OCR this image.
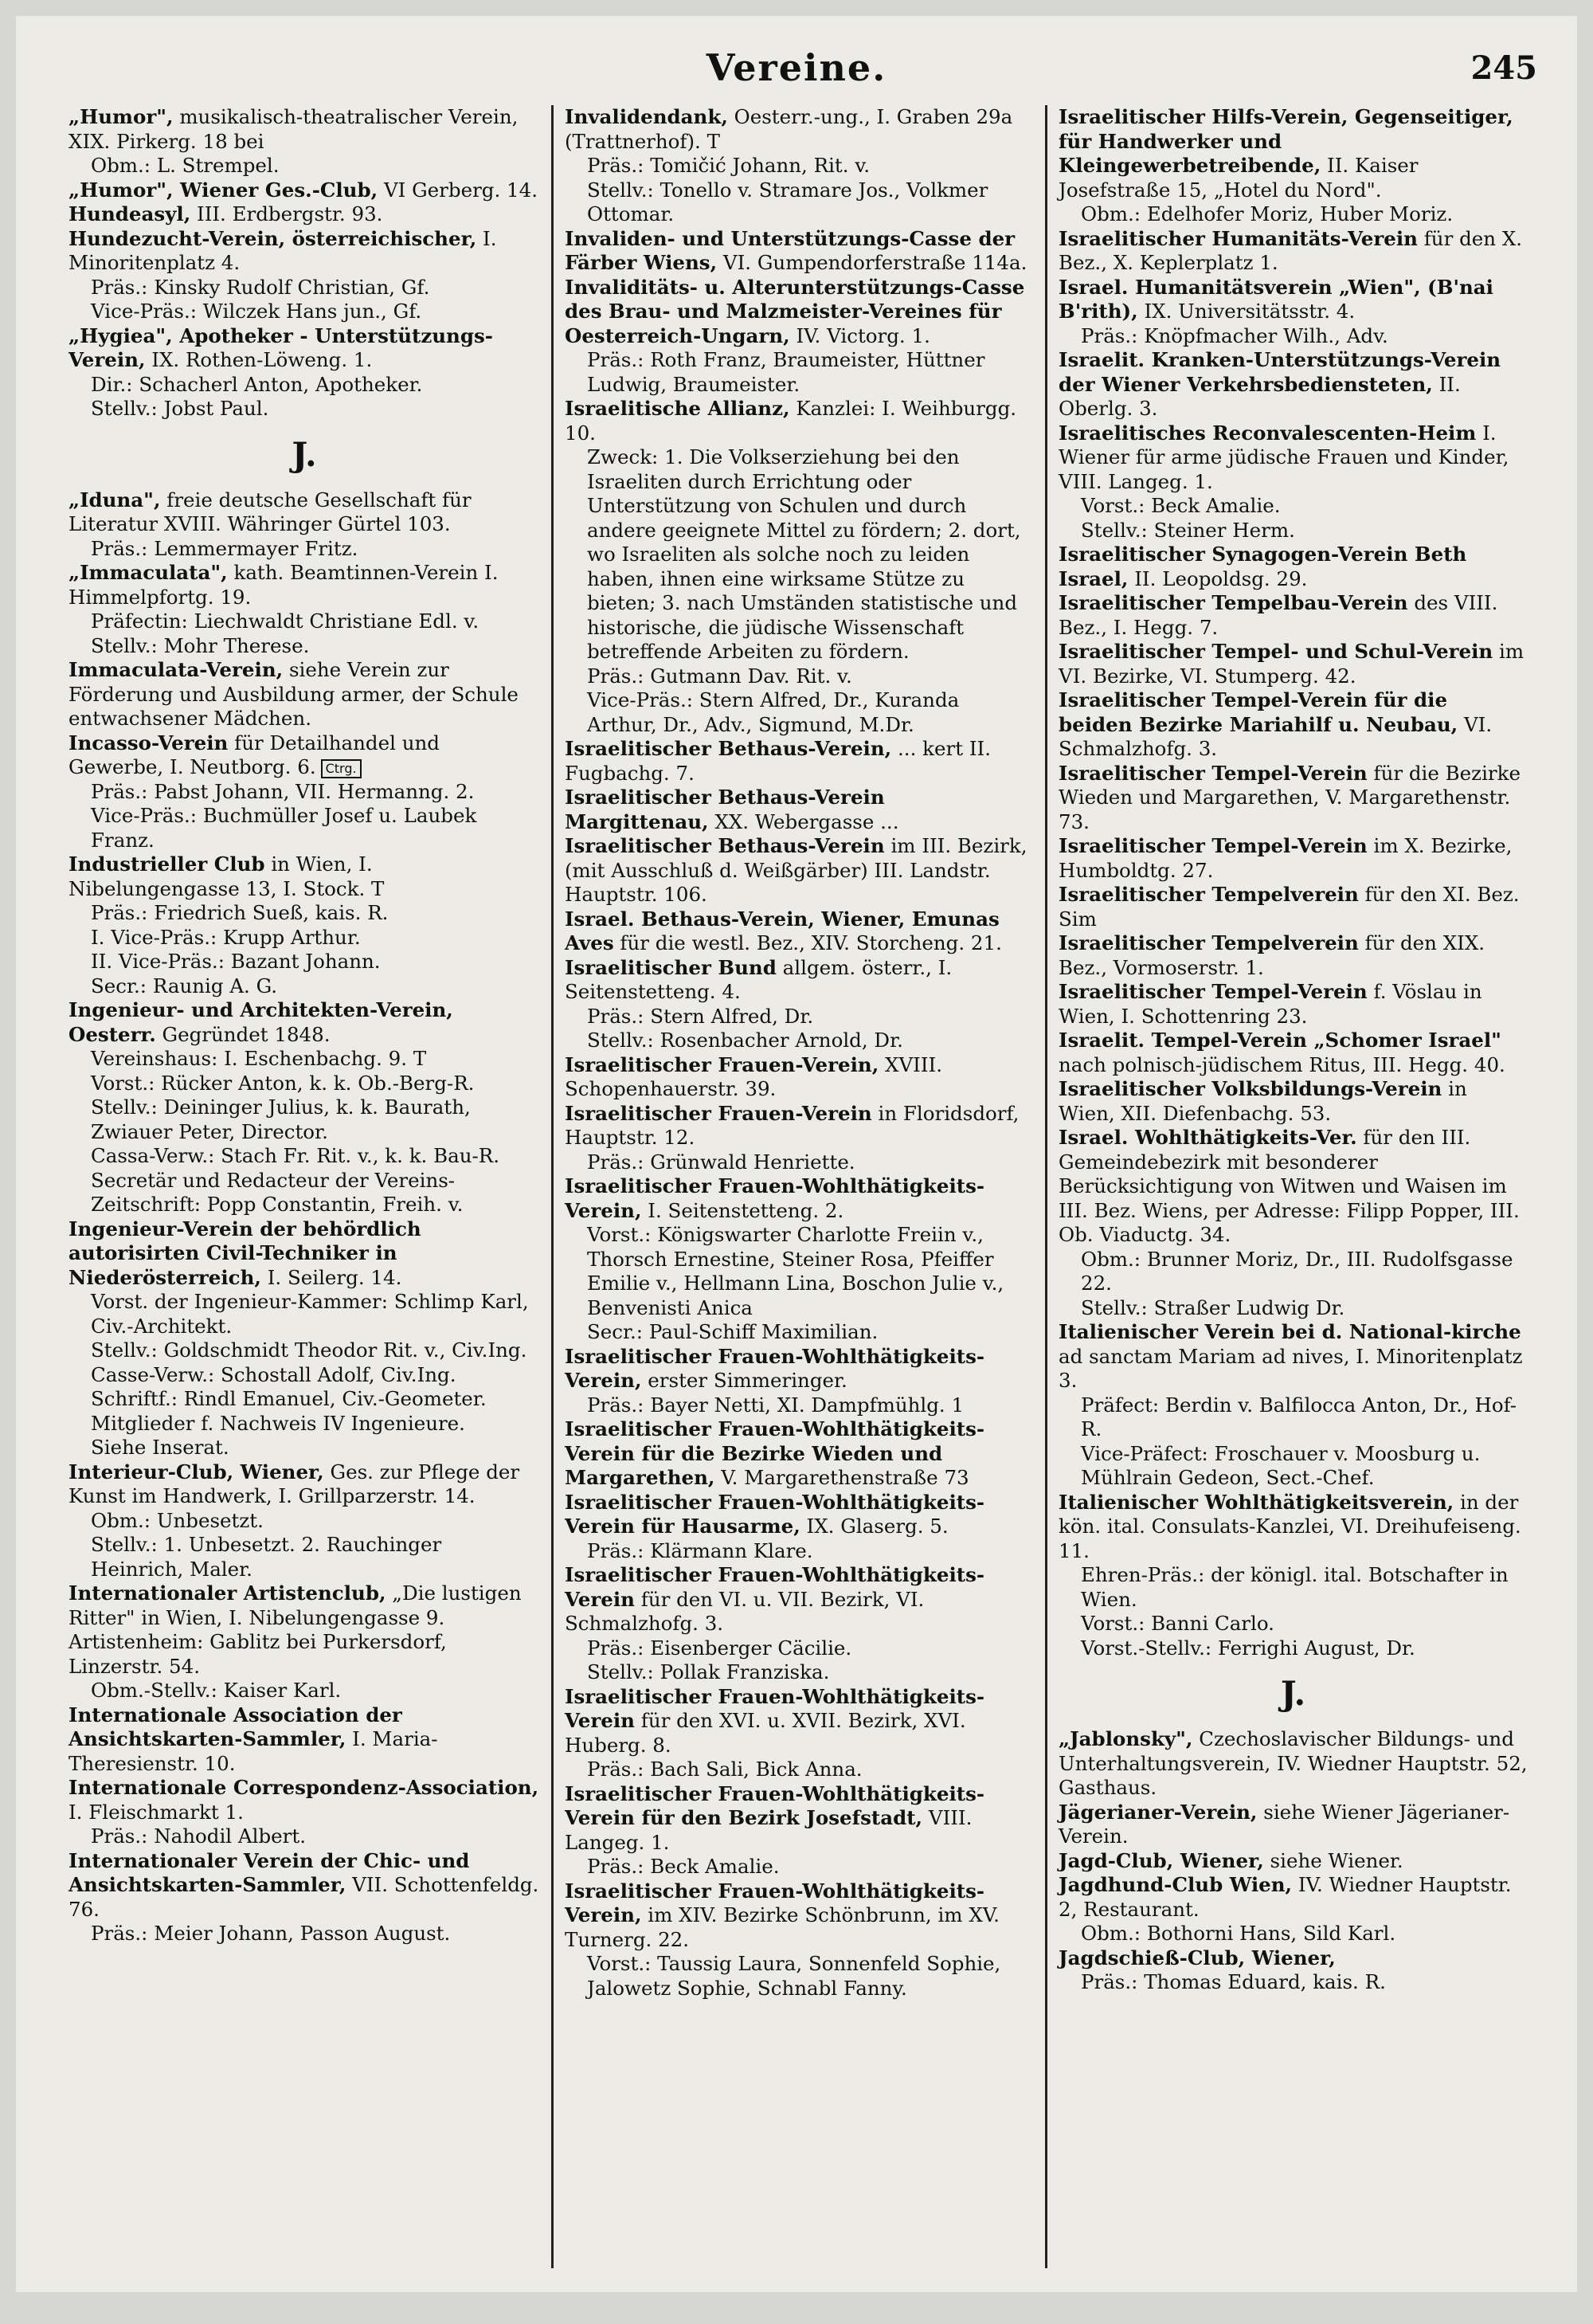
Vereine.	245
„Humor", musikalisch-theatralischer Verein, XIX. Pirkerg. 18 bei
Obm.: L. Strempel.
„Humor", Wiener Ges.-Club, VI Gerberg. 14.
Hundeasyl, III. Erdbergstr. 93.
Hundezucht-Verein, österreichischer, I. Minoritenplatz 4.
Präs.: Kinsky Rudolf Christian, Gf.
Vice-Präs.: Wilczek Hans jun., Gf.
„Hygiea", Apotheker - Unterstützungs-Verein, IX. Rothen-Löweng. 1.
Dir.: Schacherl Anton, Apotheker.
Stellv.: Jobst Paul.
J.
„Iduna", freie deutsche Gesellschaft für Literatur XVIII. Währinger Gürtel 103.
Präs.: Lemmermayer Fritz.
„Immaculata", kath. Beamtinnen-Verein I. Himmelpfortg. 19.
Präfectin: Liechwaldt Christiane Edl. v.
Stellv.: Mohr Therese.
Immaculata-Verein, siehe Verein zur Förderung und Ausbildung armer, der Schule entwachsener Mädchen.
Incasso-Verein für Detailhandel und Gewerbe, I. Neutborg. 6. Ctrg.
Präs.: Pabst Johann, VII. Hermanng. 2.
Vice-Präs.: Buchmüller Josef u. Laubek Franz.
Industrieller Club in Wien, I. Nibelungengasse 13, I. Stock. T
Präs.: Friedrich Sueß, kais. R.
I. Vice-Präs.: Krupp Arthur.
II. Vice-Präs.: Bazant Johann.
Secr.: Raunig A. G.
Ingenieur- und Architekten-Verein, Oesterr. Gegründet 1848.
Vereinshaus: I. Eschenbachg. 9. T
Vorst.: Rücker Anton, k. k. Ob.-Berg-R.
Stellv.: Deininger Julius, k. k. Baurath, Zwiauer Peter, Director.
Cassa-Verw.: Stach Fr. Rit. v., k. k. Bau-R.
Secretär und Redacteur der Vereins-Zeitschrift: Popp Constantin, Freih. v.
Ingenieur-Verein der behördlich autorisirten Civil-Techniker in Niederösterreich, I. Seilerg. 14.
Vorst. der Ingenieur-Kammer: Schlimp Karl, Civ.-Architekt.
Stellv.: Goldschmidt Theodor Rit. v., Civ.Ing.
Casse-Verw.: Schostall Adolf, Civ.Ing.
Schriftf.: Rindl Emanuel, Civ.-Geometer.
Mitglieder f. Nachweis IV Ingenieure.
Siehe Inserat.
Interieur-Club, Wiener, Ges. zur Pflege der Kunst im Handwerk, I. Grillparzerstr. 14.
Obm.: Unbesetzt.
Stellv.: 1. Unbesetzt. 2. Rauchinger Heinrich, Maler.
Internationaler Artistenclub, „Die lustigen Ritter" in Wien, I. Nibelungengasse 9. Artistenheim: Gablitz bei Purkersdorf, Linzerstr. 54.
Obm.-Stellv.: Kaiser Karl.
Internationale Association der Ansichtskarten-Sammler, I. Maria-Theresienstr. 10.
Internationale Correspondenz-Association, I. Fleischmarkt 1.
Präs.: Nahodil Albert.
Internationaler Verein der Chic- und Ansichtskarten-Sammler, VII. Schottenfeldg. 76.
Präs.: Meier Johann, Passon August.
Invalidendank, Oesterr.-ung., I. Graben 29a (Trattnerhof). T
Präs.: Tomičić Johann, Rit. v.
Stellv.: Tonello v. Stramare Jos., Volkmer Ottomar.
Invaliden- und Unterstützungs-Casse der Färber Wiens, VI. Gumpendorferstraße 114a.
Invaliditäts- u. Alterunterstützungs-Casse des Brau- und Malzmeister-Vereines für Oesterreich-Ungarn, IV. Victorg. 1.
Präs.: Roth Franz, Braumeister, Hüttner Ludwig, Braumeister.
Israelitische Allianz, Kanzlei: I. Weihburgg. 10.
Zweck: 1. Die Volkserziehung bei den Israeliten durch Errichtung oder Unterstützung von Schulen und durch andere geeignete Mittel zu fördern; 2. dort, wo Israeliten als solche noch zu leiden haben, ihnen eine wirksame Stütze zu bieten; 3. nach Umständen statistische und historische, die jüdische Wissenschaft betreffende Arbeiten zu fördern.
Präs.: Gutmann Dav. Rit. v.
Vice-Präs.: Stern Alfred, Dr., Kuranda Arthur, Dr., Adv., Sigmund, M.Dr.
Israelitischer Bethaus-Verein, ... kert II. Fugbachg. 7.
Israelitischer Bethaus-Verein Margittenau, XX. Webergasse ...
Israelitischer Bethaus-Verein im III. Bezirk, (mit Ausschluß d. Weißgärber) III. Landstr. Hauptstr. 106.
Israel. Bethaus-Verein, Wiener, Emunas Aves für die westl. Bez., XIV. Storcheng. 21.
Israelitischer Bund allgem. österr., I. Seitenstetteng. 4.
Präs.: Stern Alfred, Dr.
Stellv.: Rosenbacher Arnold, Dr.
Israelitischer Frauen-Verein, XVIII. Schopenhauerstr. 39.
Israelitischer Frauen-Verein in Floridsdorf, Hauptstr. 12.
Präs.: Grünwald Henriette.
Israelitischer Frauen-Wohlthätigkeits-Verein, I. Seitenstetteng. 2.
Vorst.: Königswarter Charlotte Freiin v., Thorsch Ernestine, Steiner Rosa, Pfeiffer Emilie v., Hellmann Lina, Boschon Julie v., Benvenisti Anica
Secr.: Paul-Schiff Maximilian.
Israelitischer Frauen-Wohlthätigkeits-Verein, erster Simmeringer.
Präs.: Bayer Netti, XI. Dampfmühlg. 1
Israelitischer Frauen-Wohlthätigkeits-Verein für die Bezirke Wieden und Margarethen, V. Margarethenstraße 73
Israelitischer Frauen-Wohlthätigkeits-Verein für Hausarme, IX. Glaserg. 5.
Präs.: Klärmann Klare.
Israelitischer Frauen-Wohlthätigkeits-Verein für den VI. u. VII. Bezirk, VI. Schmalzhofg. 3.
Präs.: Eisenberger Cäcilie.
Stellv.: Pollak Franziska.
Israelitischer Frauen-Wohlthätigkeits-Verein für den XVI. u. XVII. Bezirk, XVI. Huberg. 8.
Präs.: Bach Sali, Bick Anna.
Israelitischer Frauen-Wohlthätigkeits-Verein für den Bezirk Josefstadt, VIII. Langeg. 1.
Präs.: Beck Amalie.
Israelitischer Frauen-Wohlthätigkeits-Verein, im XIV. Bezirke Schönbrunn, im XV. Turnerg. 22.
Vorst.: Taussig Laura, Sonnenfeld Sophie, Jalowetz Sophie, Schnabl Fanny.
Israelitischer Hilfs-Verein, Gegenseitiger, für Handwerker und Kleingewerbetreibende, II. Kaiser Josefstraße 15, „Hotel du Nord".
Obm.: Edelhofer Moriz, Huber Moriz.
Israelitischer Humanitäts-Verein für den X. Bez., X. Keplerplatz 1.
Israel. Humanitätsverein „Wien", (B'nai B'rith), IX. Universitätsstr. 4.
Präs.: Knöpfmacher Wilh., Adv.
Israelit. Kranken-Unterstützungs-Verein der Wiener Verkehrsbediensteten, II. Oberlg. 3.
Israelitisches Reconvalescenten-Heim I. Wiener für arme jüdische Frauen und Kinder, VIII. Langeg. 1.
Vorst.: Beck Amalie.
Stellv.: Steiner Herm.
Israelitischer Synagogen-Verein Beth Israel, II. Leopoldsg. 29.
Israelitischer Tempelbau-Verein des VIII. Bez., I. Hegg. 7.
Israelitischer Tempel- und Schul-Verein im VI. Bezirke, VI. Stumperg. 42.
Israelitischer Tempel-Verein für die beiden Bezirke Mariahilf u. Neubau, VI. Schmalzhofg. 3.
Israelitischer Tempel-Verein für die Bezirke Wieden und Margarethen, V. Margarethenstr. 73.
Israelitischer Tempel-Verein im X. Bezirke, Humboldtg. 27.
Israelitischer Tempelverein für den XI. Bez. Sim
Israelitischer Tempelverein für den XIX. Bez., Vormoserstr. 1.
Israelitischer Tempel-Verein f. Vöslau in Wien, I. Schottenring 23.
Israelit. Tempel-Verein „Schomer Israel" nach polnisch-jüdischem Ritus, III. Hegg. 40.
Israelitischer Volksbildungs-Verein in Wien, XII. Diefenbachg. 53.
Israel. Wohlthätigkeits-Ver. für den III. Gemeindebezirk mit besonderer Berücksichtigung von Witwen und Waisen im III. Bez. Wiens, per Adresse: Filipp Popper, III. Ob. Viaductg. 34.
Obm.: Brunner Moriz, Dr., III. Rudolfsgasse 22.
Stellv.: Straßer Ludwig Dr.
Italienischer Verein bei d. National-kirche ad sanctam Mariam ad nives, I. Minoritenplatz 3.
Präfect: Berdin v. Balfilocca Anton, Dr., Hof-R.
Vice-Präfect: Froschauer v. Moosburg u. Mühlrain Gedeon, Sect.-Chef.
Italienischer Wohlthätigkeitsverein, in der kön. ital. Consulats-Kanzlei, VI. Dreihufeiseng. 11.
Ehren-Präs.: der königl. ital. Botschafter in Wien.
Vorst.: Banni Carlo.
Vorst.-Stellv.: Ferrighi August, Dr.
J.
„Jablonsky", Czechoslavischer Bildungs- und Unterhaltungsverein, IV. Wiedner Hauptstr. 52, Gasthaus.
Jägerianer-Verein, siehe Wiener Jägerianer-Verein.
Jagd-Club, Wiener, siehe Wiener.
Jagdhund-Club Wien, IV. Wiedner Hauptstr. 2, Restaurant.
Obm.: Bothorni Hans, Sild Karl.
Jagdschieß-Club, Wiener,
Präs.: Thomas Eduard, kais. R.
